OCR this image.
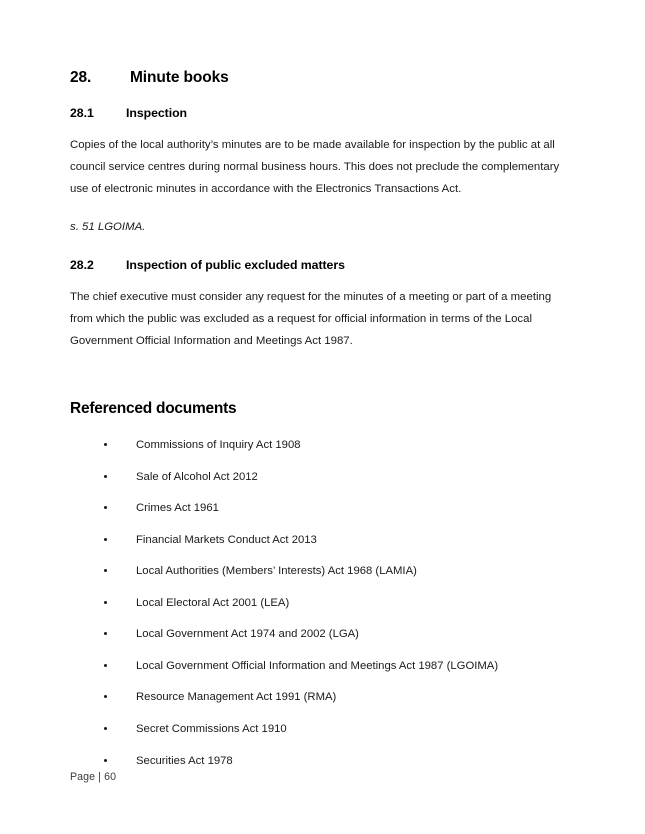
28.	Minute books
28.1	Inspection

Copies of the local authority’s minutes are to be made available for inspection by the public at all council service centres during normal business hours. This does not preclude the complementary use of electronic minutes in accordance with the Electronics Transactions Act.

s. 51 LGOIMA.

28.2	Inspection of public excluded matters

The chief executive must consider any request for the minutes of a meeting or part of a meeting from which the public was excluded as a request for official information in terms of the Local Government Official Information and Meetings Act 1987.

Referenced documents
Commissions of Inquiry Act 1908
Sale of Alcohol Act 2012
Crimes Act 1961
Financial Markets Conduct Act 2013
Local Authorities (Members’ Interests) Act 1968 (LAMIA)
Local Electoral Act 2001 (LEA)
Local Government Act 1974 and 2002 (LGA)
Local Government Official Information and Meetings Act 1987 (LGOIMA)
Resource Management Act 1991 (RMA)
Secret Commissions Act 1910
Securities Act 1978
Page | 60
